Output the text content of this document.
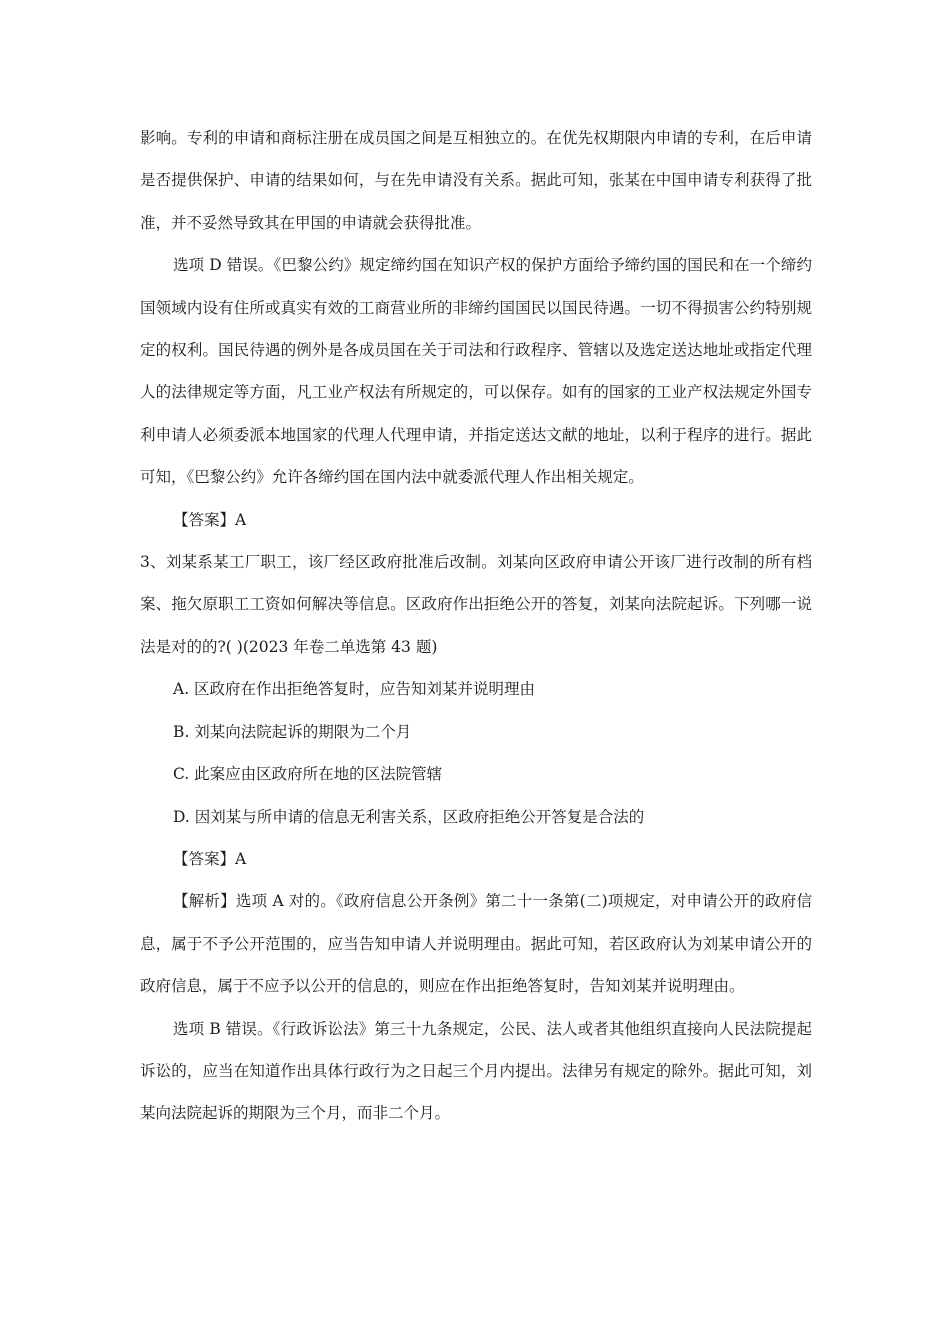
影响。专利的申请和商标注册在成员国之间是互相独立的。在优先权期限内申请的专利，在后申请是否提供保护、申请的结果如何，与在先申请没有关系。据此可知，张某在中国申请专利获得了批准，并不妥然导致其在甲国的申请就会获得批准。

选项 D 错误。《巴黎公约》规定缔约国在知识产权的保护方面给予缔约国的国民和在一个缔约国领域内设有住所或真实有效的工商营业所的非缔约国国民以国民待遇。一切不得损害公约特别规定的权利。国民待遇的例外是各成员国在关于司法和行政程序、管辖以及选定送达地址或指定代理人的法律规定等方面，凡工业产权法有所规定的，可以保存。如有的国家的工业产权法规定外国专利申请人必须委派本地国家的代理人代理申请，并指定送达文献的地址，以利于程序的进行。据此可知，《巴黎公约》允许各缔约国在国内法中就委派代理人作出相关规定。

【答案】A

3、刘某系某工厂职工，该厂经区政府批准后改制。刘某向区政府申请公开该厂进行改制的所有档案、拖欠原职工工资如何解决等信息。区政府作出拒绝公开的答复，刘某向法院起诉。下列哪一说法是对的的?( )(2023 年卷二单选第 43 题)

A. 区政府在作出拒绝答复时，应告知刘某并说明理由

B. 刘某向法院起诉的期限为二个月

C. 此案应由区政府所在地的区法院管辖

D. 因刘某与所申请的信息无利害关系，区政府拒绝公开答复是合法的

【答案】A

【解析】选项 A 对的。《政府信息公开条例》第二十一条第(二)项规定，对申请公开的政府信息，属于不予公开范围的，应当告知申请人并说明理由。据此可知，若区政府认为刘某申请公开的政府信息，属于不应予以公开的信息的，则应在作出拒绝答复时，告知刘某并说明理由。

选项 B 错误。《行政诉讼法》第三十九条规定，公民、法人或者其他组织直接向人民法院提起诉讼的，应当在知道作出具体行政行为之日起三个月内提出。法律另有规定的除外。据此可知，刘某向法院起诉的期限为三个月，而非二个月。
